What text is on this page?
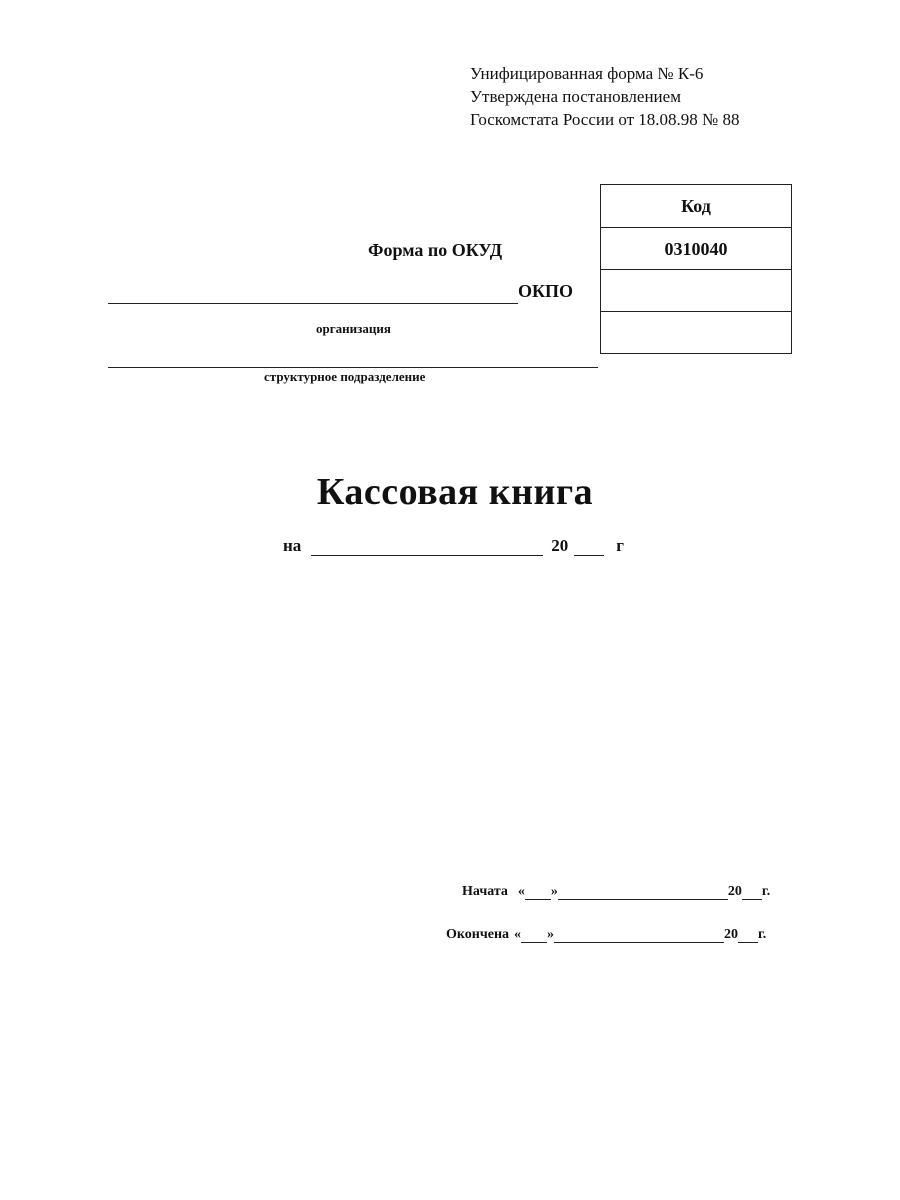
Унифицированная форма № К-6
Утверждена постановлением
Госкомстата России от 18.08.98 № 88
Код
0310040
Форма по ОКУД
ОКПО
организация
структурное подразделение
Кассовая книга
на	20	г
Начата « »	20 г.
Окончена « »	20 г.
